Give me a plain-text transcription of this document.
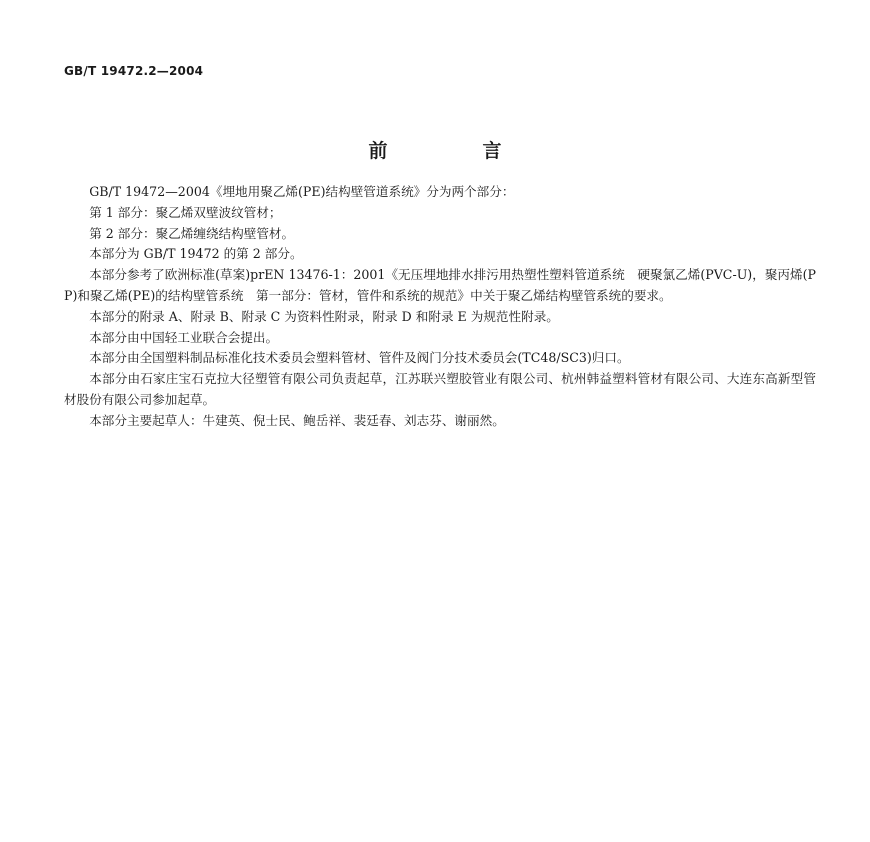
GB/T 19472.2—2004
前　言

GB/T 19472—2004《埋地用聚乙烯(PE)结构壁管道系统》分为两个部分：

第 1 部分：聚乙烯双壁波纹管材；

第 2 部分：聚乙烯缠绕结构壁管材。

本部分为 GB/T 19472 的第 2 部分。

本部分参考了欧洲标准(草案)prEN 13476-1：2001《无压埋地排水排污用热塑性塑料管道系统　硬聚氯乙烯(PVC-U)，聚丙烯(PP)和聚乙烯(PE)的结构壁管系统　第一部分：管材，管件和系统的规范》中关于聚乙烯结构壁管系统的要求。

本部分的附录 A、附录 B、附录 C 为资料性附录，附录 D 和附录 E 为规范性附录。

本部分由中国轻工业联合会提出。

本部分由全国塑料制品标准化技术委员会塑料管材、管件及阀门分技术委员会(TC48/SC3)归口。

本部分由石家庄宝石克拉大径塑管有限公司负责起草，江苏联兴塑胶管业有限公司、杭州韩益塑料管材有限公司、大连东高新型管材股份有限公司参加起草。

本部分主要起草人：牛建英、倪士民、鲍岳祥、裴廷春、刘志芬、谢丽然。
